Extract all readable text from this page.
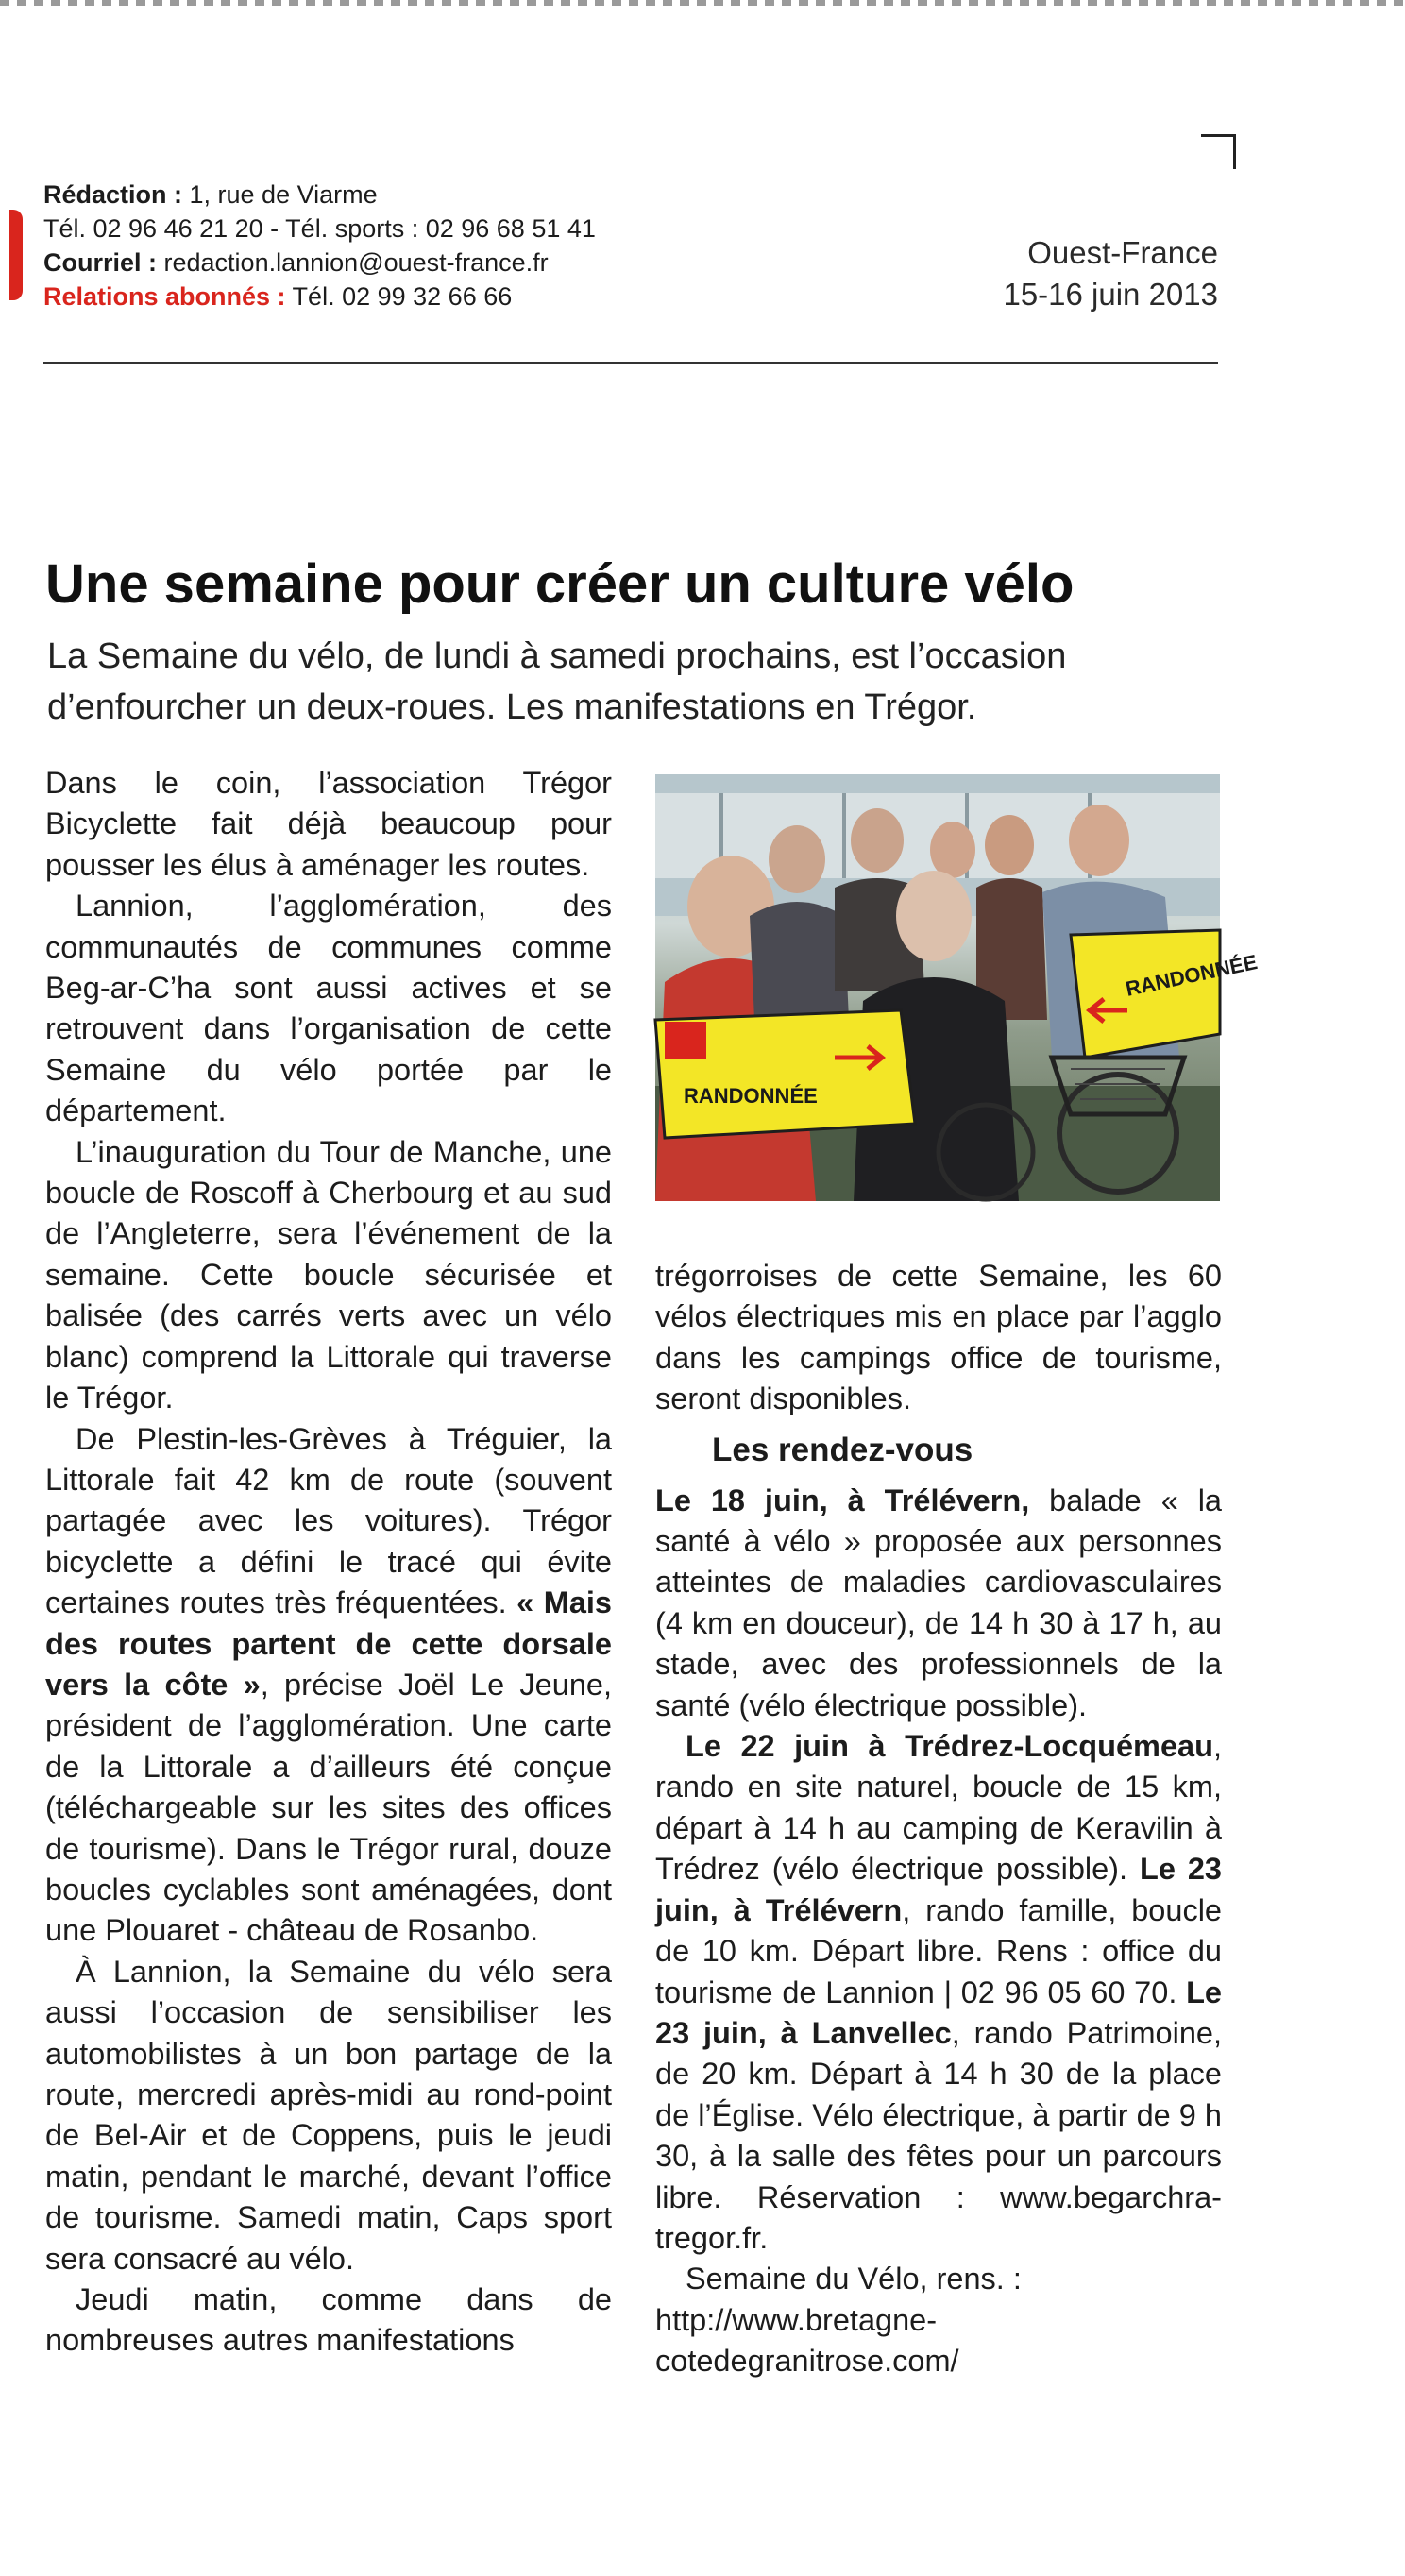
Rédaction : 1, rue de Viarme
Tél. 02 96 46 21 20 - Tél. sports : 02 96 68 51 41
Courriel : redaction.lannion@ouest-france.fr
Relations abonnés : Tél. 02 99 32 66 66
Ouest-France
15-16 juin 2013
Une semaine pour créer un culture vélo
La Semaine du vélo, de lundi à samedi prochains, est l’occasion d’enfourcher un deux-roues. Les manifestations en Trégor.

Dans le coin, l’association Trégor Bicyclette fait déjà beaucoup pour pousser les élus à aménager les routes.

Lannion, l’agglomération, des communautés de communes comme Beg-ar-C’ha sont aussi actives et se retrouvent dans l’organisation de cette Semaine du vélo portée par le département.

L’inauguration du Tour de Manche, une boucle de Roscoff à Cherbourg et au sud de l’Angleterre, sera l’événement de la semaine. Cette boucle sécurisée et balisée (des carrés verts avec un vélo blanc) comprend la Littorale qui traverse le Trégor.

De Plestin-les-Grèves à Tréguier, la Littorale fait 42 km de route (souvent partagée avec les voitures). Trégor bicyclette a défini le tracé qui évite certaines routes très fréquentées. « Mais des routes partent de cette dorsale vers la côte », précise Joël Le Jeune, président de l’agglomération. Une carte de la Littorale a d’ailleurs été conçue (téléchargeable sur les sites des offices de tourisme). Dans le Trégor rural, douze boucles cyclables sont aménagées, dont une Plouaret - château de Rosanbo.

À Lannion, la Semaine du vélo sera aussi l’occasion de sensibiliser les automobilistes à un bon partage de la route, mercredi après-midi au rond-point de Bel-Air et de Coppens, puis le jeudi matin, pendant le marché, devant l’office de tourisme. Samedi matin, Caps sport sera consacré au vélo.

Jeudi matin, comme dans de nombreuses autres manifestations

RANDONNÉE
RANDONNÉE

trégorroises de cette Semaine, les 60 vélos électriques mis en place par l’agglo dans les campings office de tourisme, seront disponibles.

Les rendez-vous

Le 18 juin, à Trélévern, balade « la santé à vélo » proposée aux personnes atteintes de maladies cardiovasculaires (4 km en douceur), de 14 h 30 à 17 h, au stade, avec des professionnels de la santé (vélo électrique possible).

Le 22 juin à Trédrez-Locquémeau, rando en site naturel, boucle de 15 km, départ à 14 h au camping de Keravilin à Trédrez (vélo électrique possible). Le 23 juin, à Trélévern, rando famille, boucle de 10 km. Départ libre. Rens : office du tourisme de Lannion | 02 96 05 60 70. Le 23 juin, à Lanvellec, rando Patrimoine, de 20 km. Départ à 14 h 30 de la place de l’Église. Vélo électrique, à partir de 9 h 30, à la salle des fêtes pour un parcours libre. Réservation : www.begarchra-tregor.fr.

Semaine du Vélo, rens. : http://www.bretagne-cotedegranitrose.com/
